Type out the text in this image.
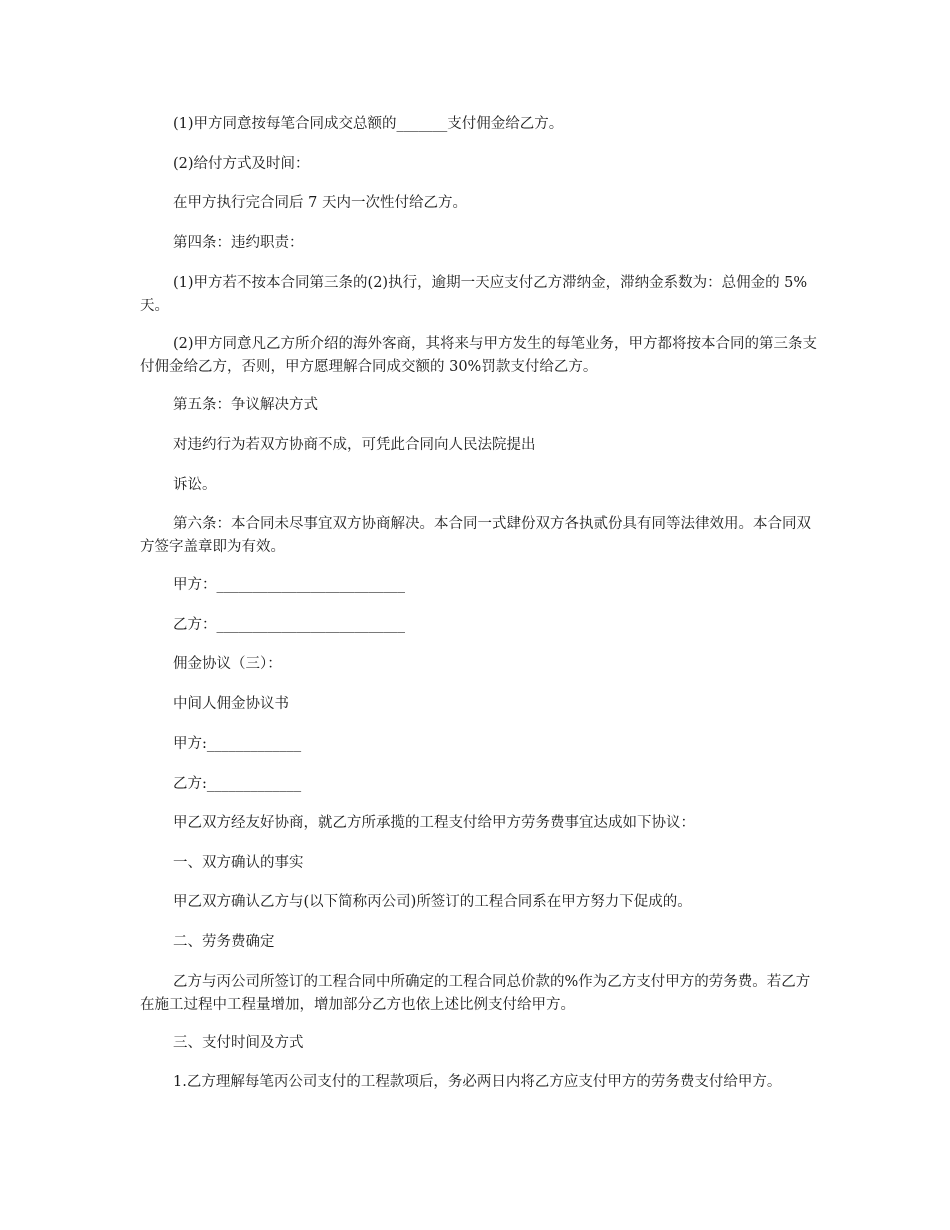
(1)甲方同意按每笔合同成交总额的_______支付佣金给乙方。

(2)给付方式及时间：

在甲方执行完合同后 7 天内一次性付给乙方。

第四条：违约职责：

(1)甲方若不按本合同第三条的(2)执行，逾期一天应支付乙方滞纳金，滞纳金系数为：总佣金的 5%天。

(2)甲方同意凡乙方所介绍的海外客商，其将来与甲方发生的每笔业务，甲方都将按本合同的第三条支付佣金给乙方，否则，甲方愿理解合同成交额的 30%罚款支付给乙方。

第五条：争议解决方式

对违约行为若双方协商不成，可凭此合同向人民法院提出

诉讼。

第六条：本合同未尽事宜双方协商解决。本合同一式肆份双方各执贰份具有同等法律效用。本合同双方签字盖章即为有效。

甲方：__________________________

乙方：__________________________

佣金协议（三）：

中间人佣金协议书

甲方:_____________

乙方:_____________

甲乙双方经友好协商，就乙方所承揽的工程支付给甲方劳务费事宜达成如下协议：

一、双方确认的事实

甲乙双方确认乙方与(以下简称丙公司)所签订的工程合同系在甲方努力下促成的。

二、劳务费确定

乙方与丙公司所签订的工程合同中所确定的工程合同总价款的%作为乙方支付甲方的劳务费。若乙方在施工过程中工程量增加，增加部分乙方也依上述比例支付给甲方。

三、支付时间及方式

1.乙方理解每笔丙公司支付的工程款项后，务必两日内将乙方应支付甲方的劳务费支付给甲方。
